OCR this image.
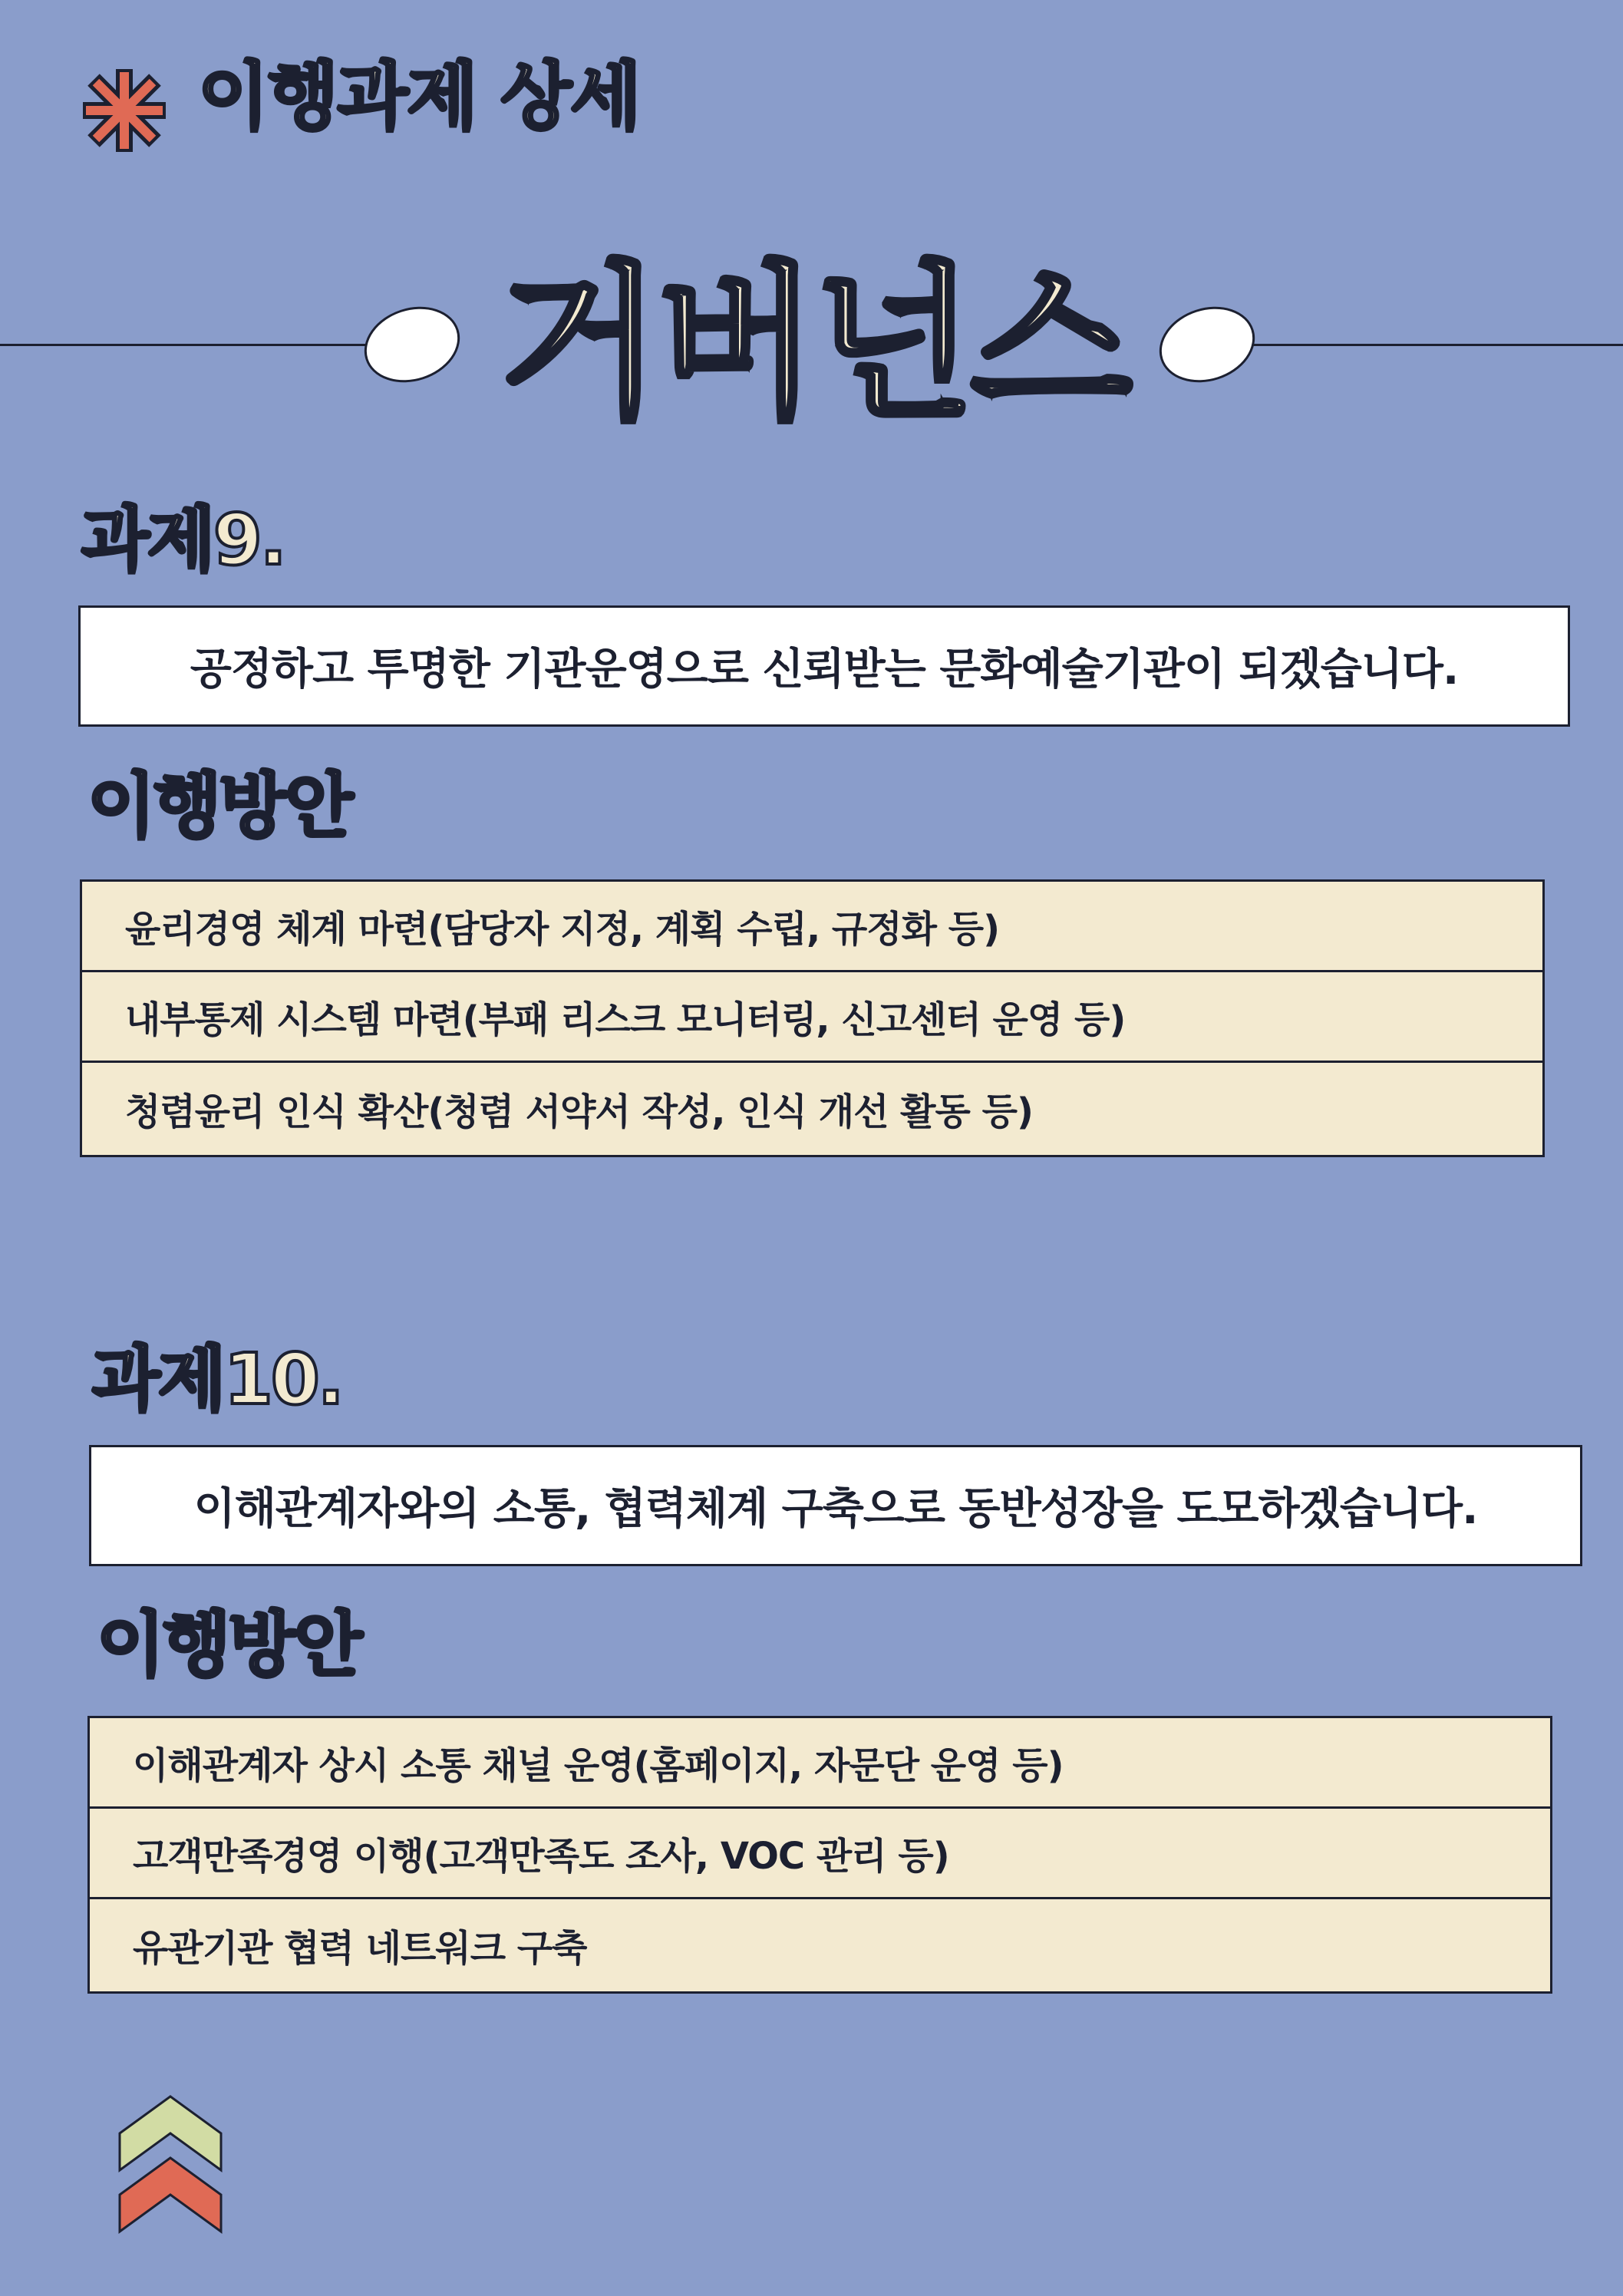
이행과제 상세
거버넌스
과제9.
공정하고 투명한 기관운영으로 신뢰받는 문화예술기관이 되겠습니다.
이행방안
윤리경영 체계 마련(담당자 지정, 계획 수립, 규정화 등)
내부통제 시스템 마련(부패 리스크 모니터링, 신고센터 운영 등)
청렴윤리 인식 확산(청렴 서약서 작성, 인식 개선 활동 등)
과제10.
이해관계자와의 소통, 협력체계 구축으로 동반성장을 도모하겠습니다.
이행방안
이해관계자 상시 소통 채널 운영(홈페이지, 자문단 운영 등)
고객만족경영 이행(고객만족도 조사, VOC 관리 등)
유관기관 협력 네트워크 구축
